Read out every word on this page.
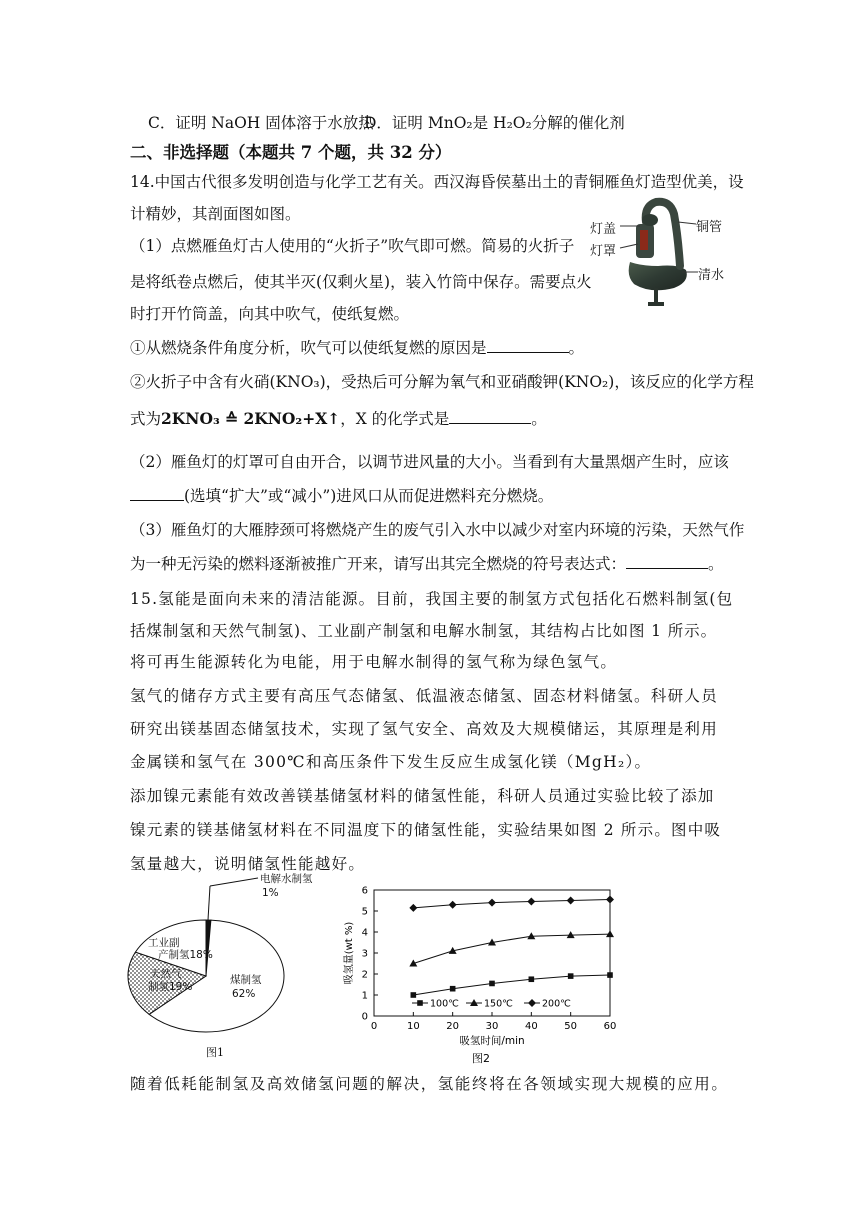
C．证明 NaOH 固体溶于水放热
D．证明 MnO₂是 H₂O₂分解的催化剂
二、非选择题（本题共 7 个题，共 32 分）
14.中国古代很多发明创造与化学工艺有关。西汉海昏侯墓出土的青铜雁鱼灯造型优美，设
计精妙，其剖面图如图。
灯盖
灯罩
铜管
清水
（1）点燃雁鱼灯古人使用的“火折子”吹气即可燃。简易的火折子
是将纸卷点燃后，使其半灭(仅剩火星)，装入竹筒中保存。需要点火
时打开竹筒盖，向其中吹气，使纸复燃。
①从燃烧条件角度分析，吹气可以使纸复燃的原因是	。
②火折子中含有火硝(KNO₃)，受热后可分解为氧气和亚硝酸钾(KNO₂)，该反应的化学方程
式为2KNO₃ ≙ 2KNO₂+X↑，X 的化学式是	。
（2）雁鱼灯的灯罩可自由开合，以调节进风量的大小。当看到有大量黑烟产生时，应该
(选填“扩大”或“减小”)进风口从而促进燃料充分燃烧。
（3）雁鱼灯的大雁脖颈可将燃烧产生的废气引入水中以减少对室内环境的污染，天然气作
为一种无污染的燃料逐渐被推广开来，请写出其完全燃烧的符号表达式：	。
15.氢能是面向未来的清洁能源。目前，我国主要的制氢方式包括化石燃料制氢(包
括煤制氢和天然气制氢)、工业副产制氢和电解水制氢，其结构占比如图 1 所示。
将可再生能源转化为电能，用于电解水制得的氢气称为绿色氢气。
氢气的储存方式主要有高压气态储氢、低温液态储氢、固态材料储氢。科研人员
研究出镁基固态储氢技术，实现了氢气安全、高效及大规模储运，其原理是利用
金属镁和氢气在 300℃和高压条件下发生反应生成氢化镁（MgH₂）。
添加镍元素能有效改善镁基储氢材料的储氢性能，科研人员通过实验比较了添加
镍元素的镁基储氢材料在不同温度下的储氢性能，实验结果如图 2 所示。图中吸
氢量越大，说明储氢性能越好。
煤制氢
62%
天然气
制氢19%
工业副
产制氢18%
电解水制氢
1%
图1
0	10	20	30	40	50	60
0
1
2
3
4
5
6
吸氢时间/min
吸氢量(wt %)
100℃	150℃	200℃
图2
随着低耗能制氢及高效储氢问题的解决，氢能终将在各领域实现大规模的应用。
